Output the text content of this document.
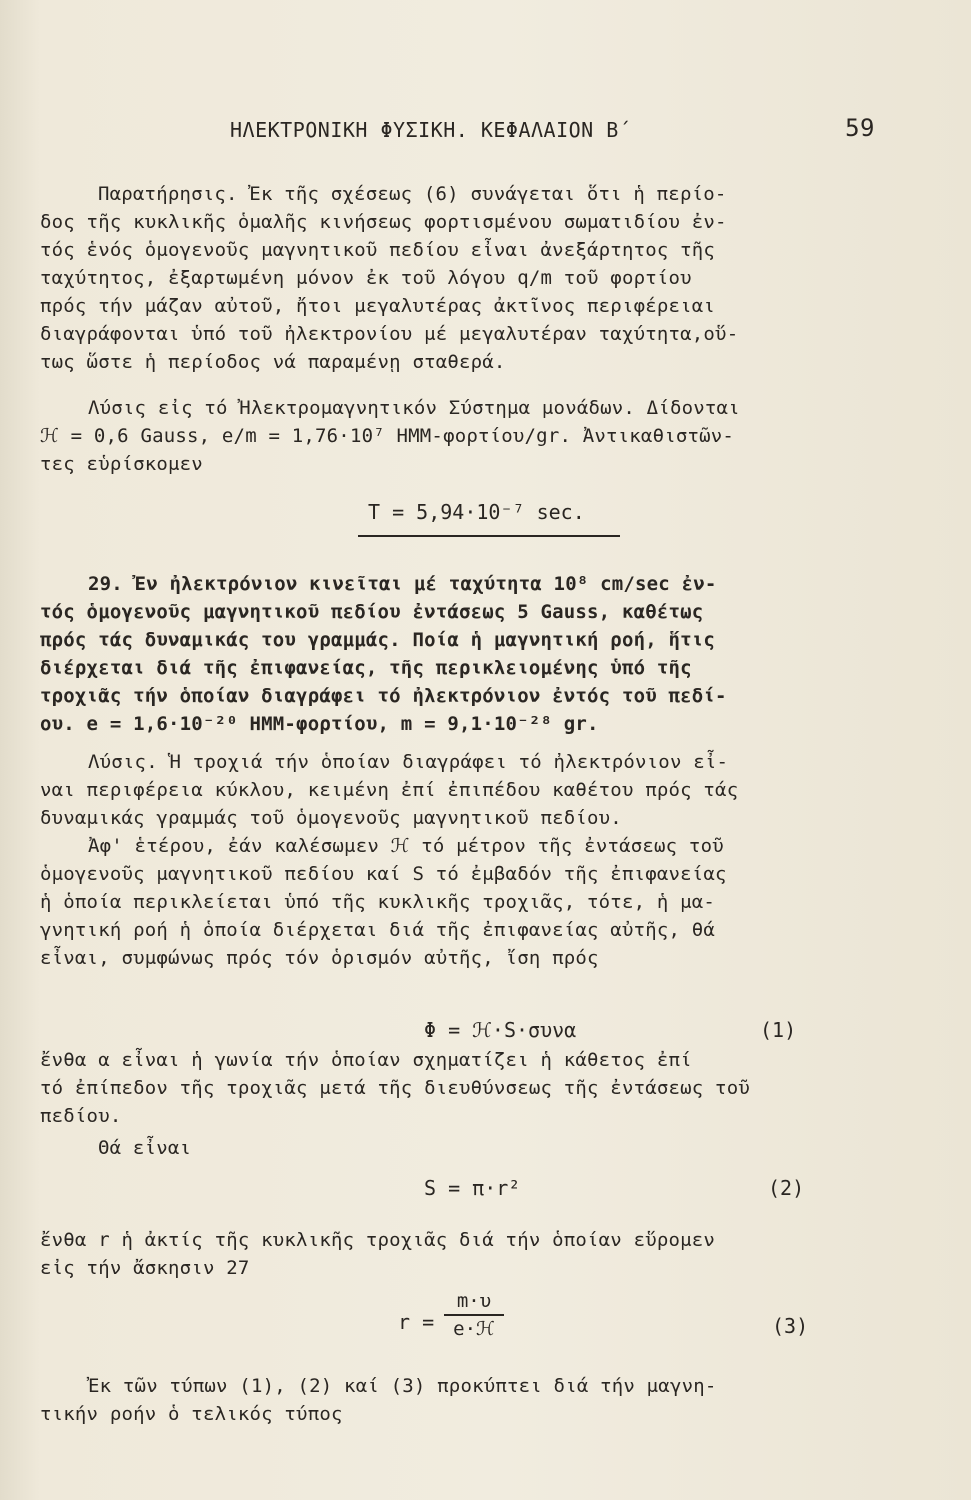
ΗΛΕΚΤΡΟΝΙΚΗ ΦΥΣΙΚΗ. ΚΕΦΑΛΑΙΟΝ Β΄	59
Παρατήρησις. Ἐκ τῆς σχέσεως (6) συνάγεται ὅτι ἡ περίο-
δος τῆς κυκλικῆς ὁμαλῆς κινήσεως φορτισμένου σωματιδίου ἐν-
τός ἑνός ὁμογενοῦς μαγνητικοῦ πεδίου εἶναι ἀνεξάρτητος τῆς
ταχύτητος, ἐξαρτωμένη μόνον ἐκ τοῦ λόγου q/m τοῦ φορτίου
πρός τήν μάζαν αὐτοῦ, ἤτοι μεγαλυτέρας ἀκτῖνος περιφέρειαι
διαγράφονται ὑπό τοῦ ἠλεκτρονίου μέ μεγαλυτέραν ταχύτητα,οὕ-
τως ὥστε ἡ περίοδος νά παραμένῃ σταθερά.
Λύσις εἰς τό Ἠλεκτρομαγνητικόν Σύστημα μονάδων. Δίδονται
ℋ = 0,6 Gauss, e/m = 1,76·10⁷ ΗΜΜ-φορτίου/gr. Ἀντικαθιστῶν-
τες εὑρίσκομεν
T = 5,94·10⁻⁷ sec.
29. Ἐν ἠλεκτρόνιον κινεῖται μέ ταχύτητα 10⁸ cm/sec ἐν-
τός ὁμογενοῦς μαγνητικοῦ πεδίου ἐντάσεως 5 Gauss, καθέτως
πρός τάς δυναμικάς του γραμμάς. Ποία ἡ μαγνητική ροή, ἥτις
διέρχεται διά τῆς ἐπιφανείας, τῆς περικλειομένης ὑπό τῆς
τροχιᾶς τήν ὁποίαν διαγράφει τό ἠλεκτρόνιον ἐντός τοῦ πεδί-
ου. e = 1,6·10⁻²⁰ ΗΜΜ-φορτίου, m = 9,1·10⁻²⁸ gr.
Λύσις. Ἡ τροχιά τήν ὁποίαν διαγράφει τό ἠλεκτρόνιον εἶ-
ναι περιφέρεια κύκλου, κειμένη ἐπί ἐπιπέδου καθέτου πρός τάς
δυναμικάς γραμμάς τοῦ ὁμογενοῦς μαγνητικοῦ πεδίου.
Ἀφ' ἑτέρου, ἐάν καλέσωμεν ℋ τό μέτρον τῆς ἐντάσεως τοῦ
ὁμογενοῦς μαγνητικοῦ πεδίου καί S τό ἐμβαδόν τῆς ἐπιφανείας
ἡ ὁποία περικλείεται ὑπό τῆς κυκλικῆς τροχιᾶς, τότε, ἡ μα-
γνητική ροή ἡ ὁποία διέρχεται διά τῆς ἐπιφανείας αὐτῆς, θά
εἶναι, συμφώνως πρός τόν ὁρισμόν αὐτῆς, ἴση πρός
Φ = ℋ·S·συνα	(1)
ἔνθα α εἶναι ἡ γωνία τήν ὁποίαν σχηματίζει ἡ κάθετος ἐπί
τό ἐπίπεδον τῆς τροχιᾶς μετά τῆς διευθύνσεως τῆς ἐντάσεως τοῦ
πεδίου.
Θά εἶναι
S = π·r²	(2)
ἔνθα r ἡ ἀκτίς τῆς κυκλικῆς τροχιᾶς διά τήν ὁποίαν εὕρομεν
εἰς τήν ἄσκησιν 27
r =
m·υ
e·ℋ	(3)
Ἐκ τῶν τύπων (1), (2) καί (3) προκύπτει διά τήν μαγνη-
τικήν ροήν ὁ τελικός τύπος
